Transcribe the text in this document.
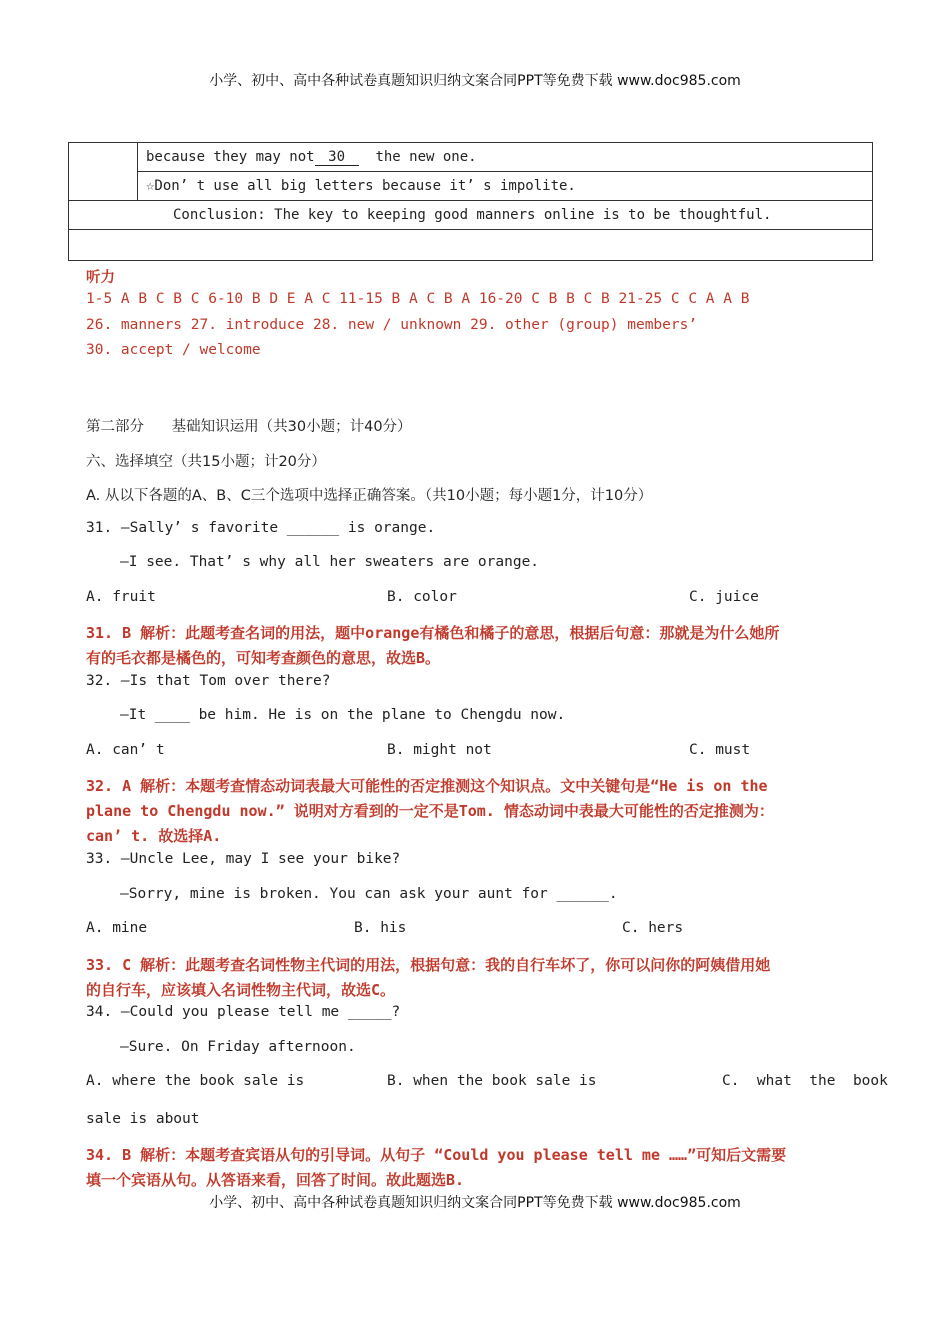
小学、初中、高中各种试卷真题知识归纳文案合同PPT等免费下载 www.doc985.com
	because they may not 30 the new one.
☆Don’ t use all big letters because it’ s impolite.
Conclusion: The key to keeping good manners online is to be thoughtful.

听力
1-5 A B C B C 6-10 B D E A C 11-15 B A C B A 16-20 C B B C B 21-25 C C A A B
26. manners 27. introduce 28. new / unknown 29. other (group) members’
30. accept / welcome
第二部分      基础知识运用（共30小题；计40分）
六、选择填空（共15小题；计20分）
A. 从以下各题的A、B、C三个选项中选择正确答案。（共10小题；每小题1分，计10分）
31. —Sally’ s favorite ______ is orange.
—I see. That’ s why all her sweaters are orange.
A. fruit	B. color	C. juice
31. B 解析：此题考查名词的用法，题中orange有橘色和橘子的意思，根据后句意：那就是为什么她所
有的毛衣都是橘色的，可知考查颜色的意思，故选B。
32. —Is that Tom over there?
—It ____ be him. He is on the plane to Chengdu now.
A. can’ t	B. might not	C. must
32. A 解析：本题考查情态动词表最大可能性的否定推测这个知识点。文中关键句是“He is on the
plane to Chengdu now.” 说明对方看到的一定不是Tom. 情态动词中表最大可能性的否定推测为：
can’ t. 故选择A.
33. —Uncle Lee, may I see your bike?
—Sorry, mine is broken. You can ask your aunt for ______.
A. mine	B. his	C. hers
33. C 解析：此题考查名词性物主代词的用法，根据句意：我的自行车坏了，你可以问你的阿姨借用她
的自行车，应该填入名词性物主代词，故选C。
34. —Could you please tell me _____?
—Sure. On Friday afternoon.
A. where the book sale is	B. when the book sale is	C.  what  the  book
sale is about
34. B 解析：本题考查宾语从句的引导词。从句子 “Could you please tell me ……”可知后文需要
填一个宾语从句。从答语来看，回答了时间。故此题选B.
小学、初中、高中各种试卷真题知识归纳文案合同PPT等免费下载 www.doc985.com
